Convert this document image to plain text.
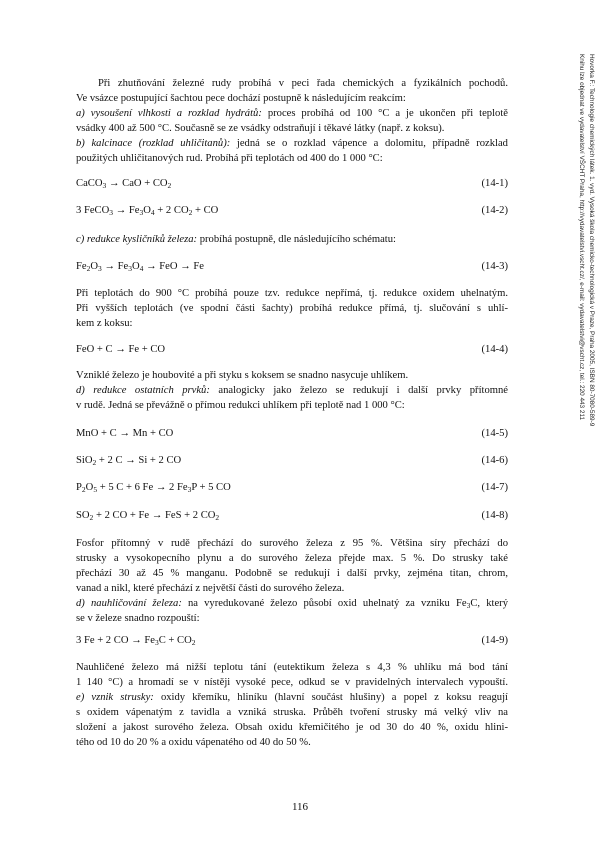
Hovorka F.: Technologie chemických látek. 1. vyd. Vysoká škola chemicko-technologická v Praze, Praha 2005, ISBN 80-7080-589-9
Knihu lze objednat ve vydavatelství VŠCHT Praha, http://vydavatelstvi.vscht.cz/, e-mail: vydavatelstvi@vscht.cz, tel.: 220 443 211
Při zhutňování železné rudy probíhá v peci řada chemických a fyzikálních pochodů.
Ve vsázce postupující šachtou pece dochází postupně k následujícím reakcím:
a) vysoušení vlhkosti a rozklad hydrátů: proces probíhá od 100 °C a je ukončen při teplotě
vsádky 400 až 500 °C. Současně se ze vsádky odstraňují i těkavé látky (např. z koksu).
b) kalcinace (rozklad uhličitanů): jedná se o rozklad vápence a dolomitu, případně rozklad
použitých uhličitanových rud. Probíhá při teplotách od 400 do 1 000 °C:
CaCO$_3$ → CaO + $CO_2$	(14-1)
3 FeCO$_3$ → $Fe_3O_4 + 2$ $CO_2$ + CO	(14-2)
c) redukce kysličníků železa: probíhá postupně, dle následujícího schématu:
$Fe_2O_3 \to Fe_3O_4$ → FeO → Fe	(14-3)
Při teplotách do 900 °C probíhá pouze tzv. redukce nepřímá, tj. redukce oxidem uhelnatým.
Při vyšších teplotách (ve spodní části šachty) probíhá redukce přímá, tj. slučování s uhlí-
kem z koksu:
FeO + C → Fe + CO	(14-4)
Vzniklé železo je houbovité a při styku s koksem se snadno nasycuje uhlíkem.
d) redukce ostatních prvků: analogicky jako železo se redukují i další prvky přítomné
v rudě. Jedná se převážně o přímou redukci uhlíkem při teplotě nad 1 000 °C:
MnO + C → Mn + CO	(14-5)
SiO$_2$ + 2 C → Si + 2 CO	(14-6)
$P_2O_5 + 5$ C + 6 Fe → 2 $Fe_3P + 5$ CO	(14-7)
$SO_2 + 2$ CO + Fe → FeS + 2 $CO_2$	(14-8)
Fosfor přítomný v rudě přechází do surového železa z 95 %. Většina síry přechází do
strusky a vysokopecního plynu a do surového železa přejde max. 5 %. Do strusky také
přechází 30 až 45 % manganu. Podobně se redukují i další prvky, zejména titan, chrom,
vanad a nikl, které přechází z největší části do surového železa.
d) nauhličování železa: na vyredukované železo působí oxid uhelnatý za vzniku $Fe_3C$, který
se v železe snadno rozpouští:
3 Fe + 2 CO → $Fe_3C + CO_2$	(14-9)
Nauhličené železo má nižší teplotu tání (eutektikum železa s 4,3 % uhlíku má bod tání
1 140 °C) a hromadí se v nístěji vysoké pece, odkud se v pravidelných intervalech vypouští.
e) vznik strusky: oxidy křemíku, hliníku (hlavní součást hlušiny) a popel z koksu reagují
s oxidem vápenatým z tavidla a vzniká struska. Průběh tvoření strusky má velký vliv na
složení a jakost surového železa. Obsah oxidu křemičitého je od 30 do 40 %, oxidu hlini-
tého od 10 do 20 % a oxidu vápenatého od 40 do 50 %.
116
